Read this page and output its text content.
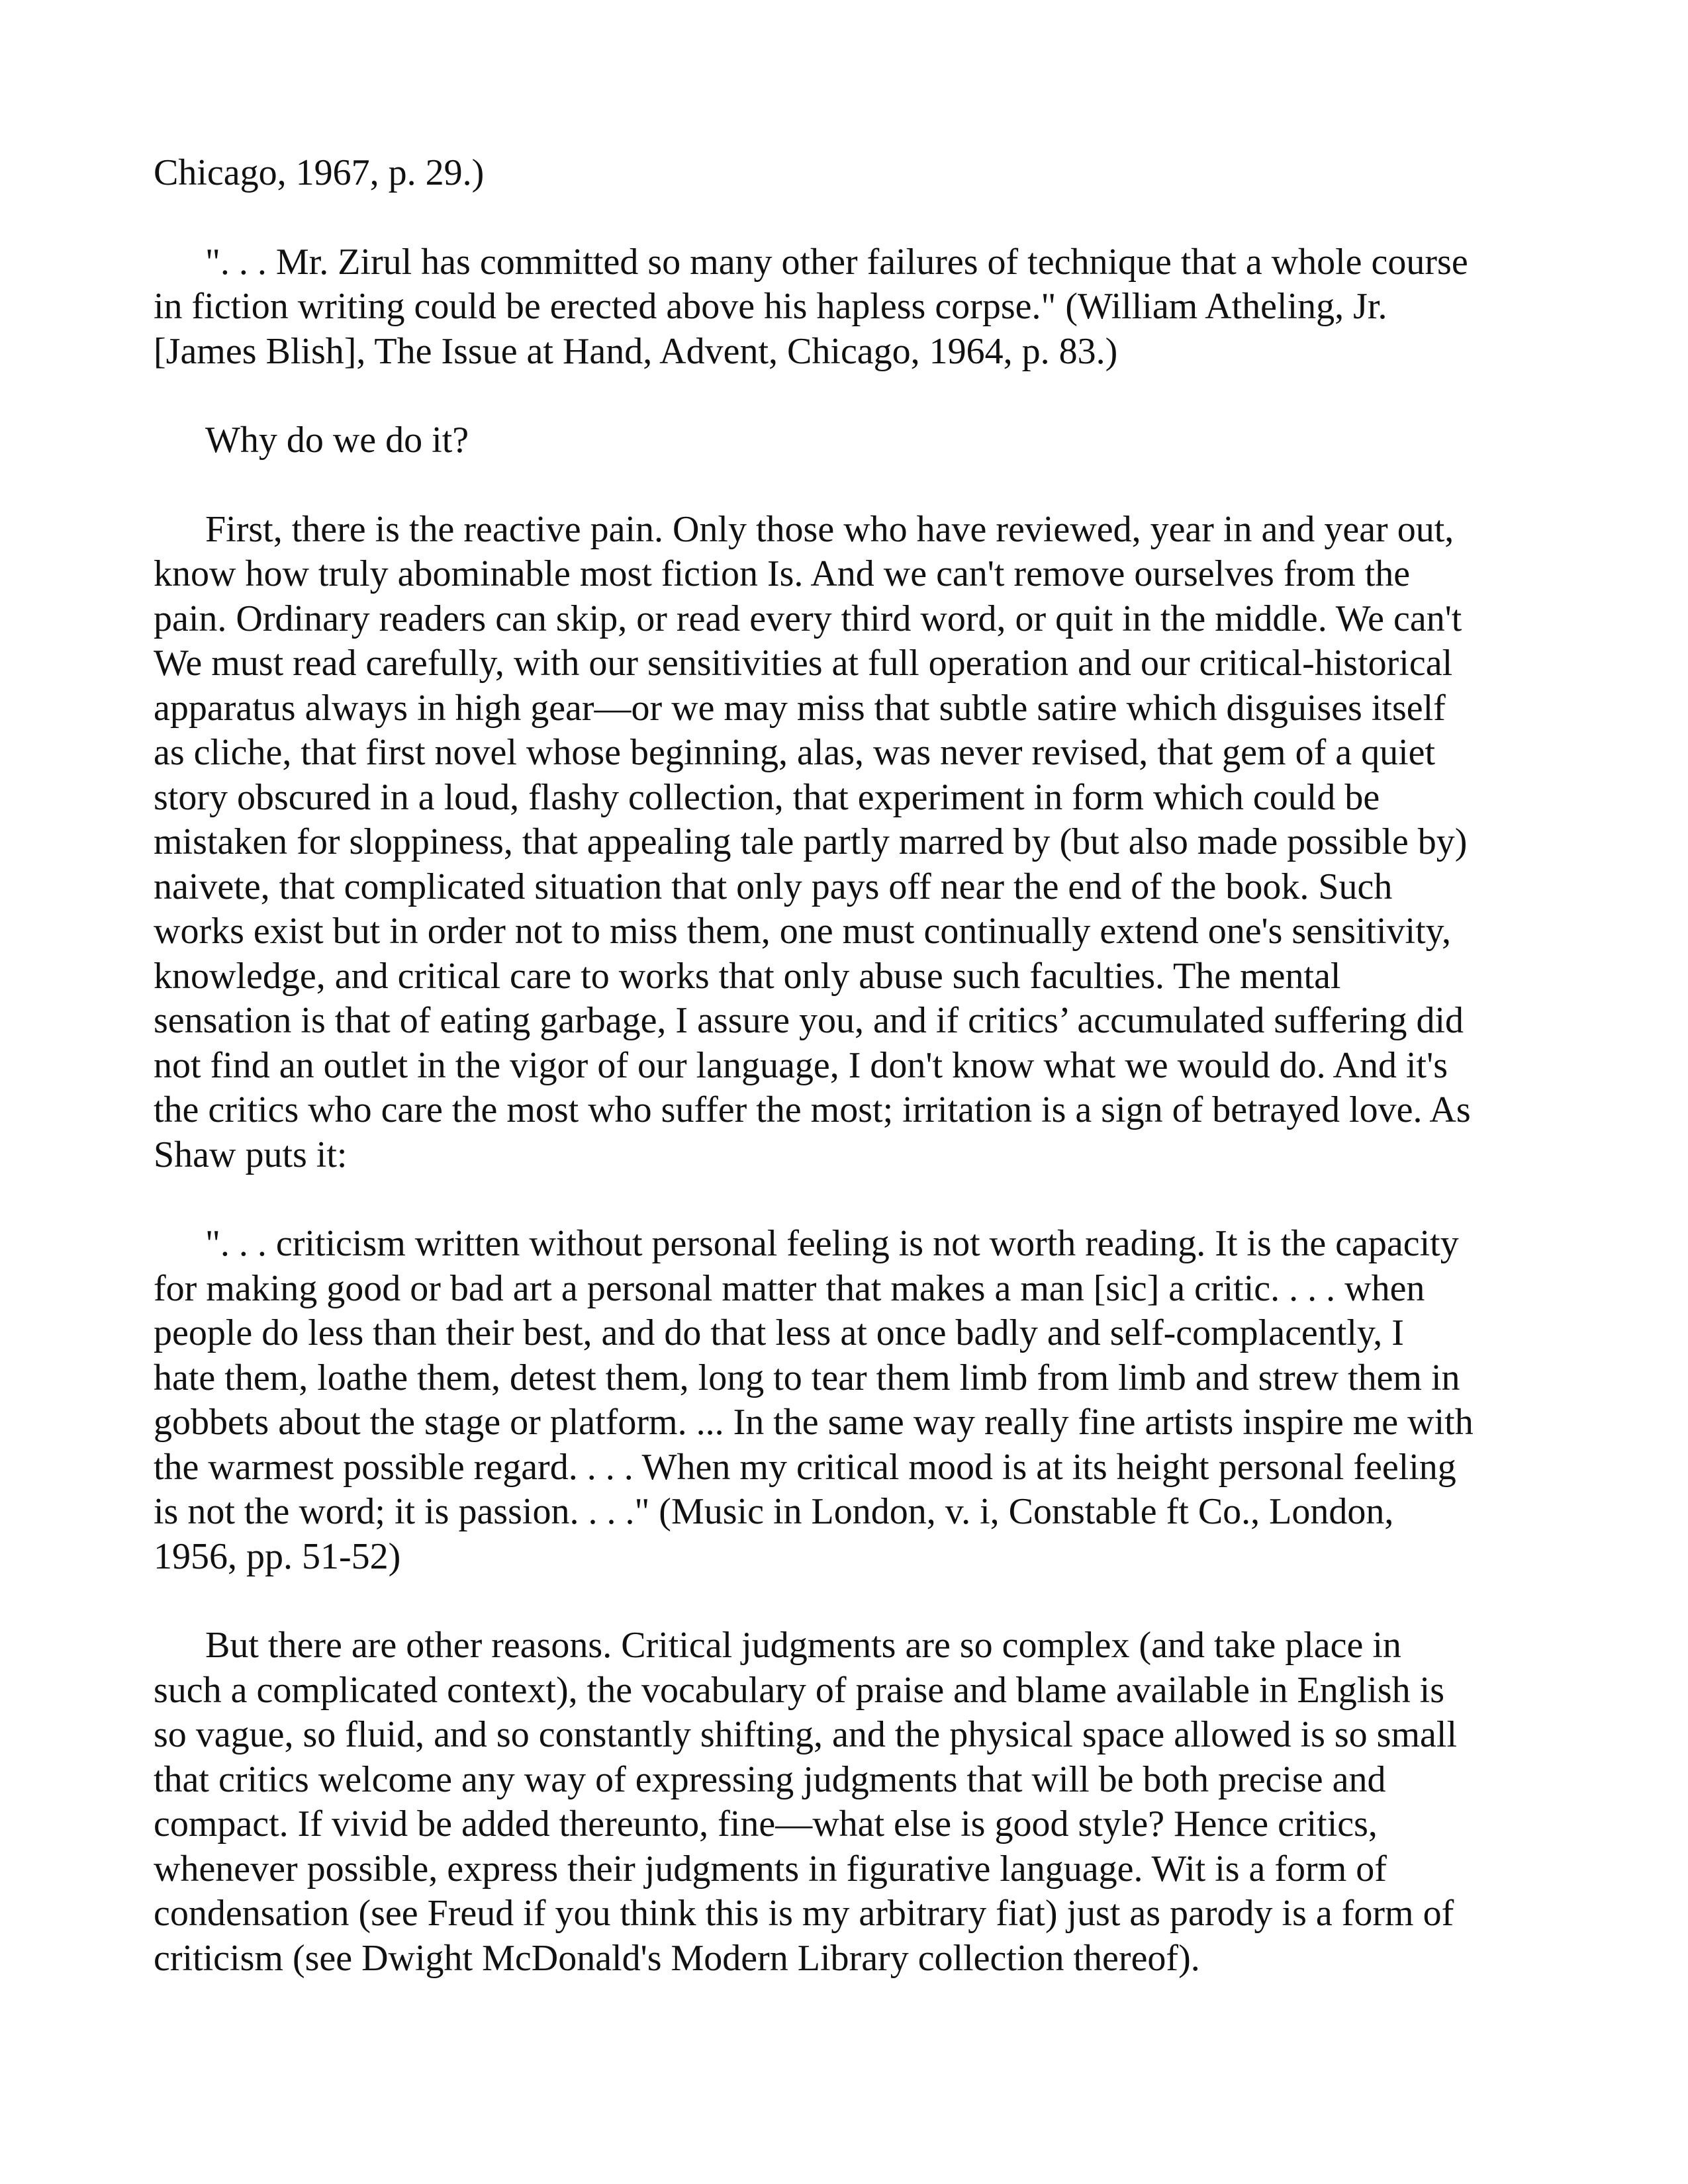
Chicago, 1967, p. 29.)
". . . Mr. Zirul has committed so many other failures of technique that a whole course
in fiction writing could be erected above his hapless corpse." (William Atheling, Jr.
[James Blish], The Issue at Hand, Advent, Chicago, 1964, p. 83.)
Why do we do it?
First, there is the reactive pain. Only those who have reviewed, year in and year out,
know how truly abominable most fiction Is. And we can't remove ourselves from the
pain. Ordinary readers can skip, or read every third word, or quit in the middle. We can't
We must read carefully, with our sensitivities at full operation and our critical-historical
apparatus always in high gear—or we may miss that subtle satire which disguises itself
as cliche, that first novel whose beginning, alas, was never revised, that gem of a quiet
story obscured in a loud, flashy collection, that experiment in form which could be
mistaken for sloppiness, that appealing tale partly marred by (but also made possible by)
naivete, that complicated situation that only pays off near the end of the book. Such
works exist but in order not to miss them, one must continually extend one's sensitivity,
knowledge, and critical care to works that only abuse such faculties. The mental
sensation is that of eating garbage, I assure you, and if critics’ accumulated suffering did
not find an outlet in the vigor of our language, I don't know what we would do. And it's
the critics who care the most who suffer the most; irritation is a sign of betrayed love. As
Shaw puts it:
". . . criticism written without personal feeling is not worth reading. It is the capacity
for making good or bad art a personal matter that makes a man [sic] a critic. . . . when
people do less than their best, and do that less at once badly and self-complacently, I
hate them, loathe them, detest them, long to tear them limb from limb and strew them in
gobbets about the stage or platform. ... In the same way really fine artists inspire me with
the warmest possible regard. . . . When my critical mood is at its height personal feeling
is not the word; it is passion. . . ." (Music in London, v. i, Constable ft Co., London,
1956, pp. 51-52)
But there are other reasons. Critical judgments are so complex (and take place in
such a complicated context), the vocabulary of praise and blame available in English is
so vague, so fluid, and so constantly shifting, and the physical space allowed is so small
that critics welcome any way of expressing judgments that will be both precise and
compact. If vivid be added thereunto, fine—what else is good style? Hence critics,
whenever possible, express their judgments in figurative language. Wit is a form of
condensation (see Freud if you think this is my arbitrary fiat) just as parody is a form of
criticism (see Dwight McDonald's Modern Library collection thereof).
